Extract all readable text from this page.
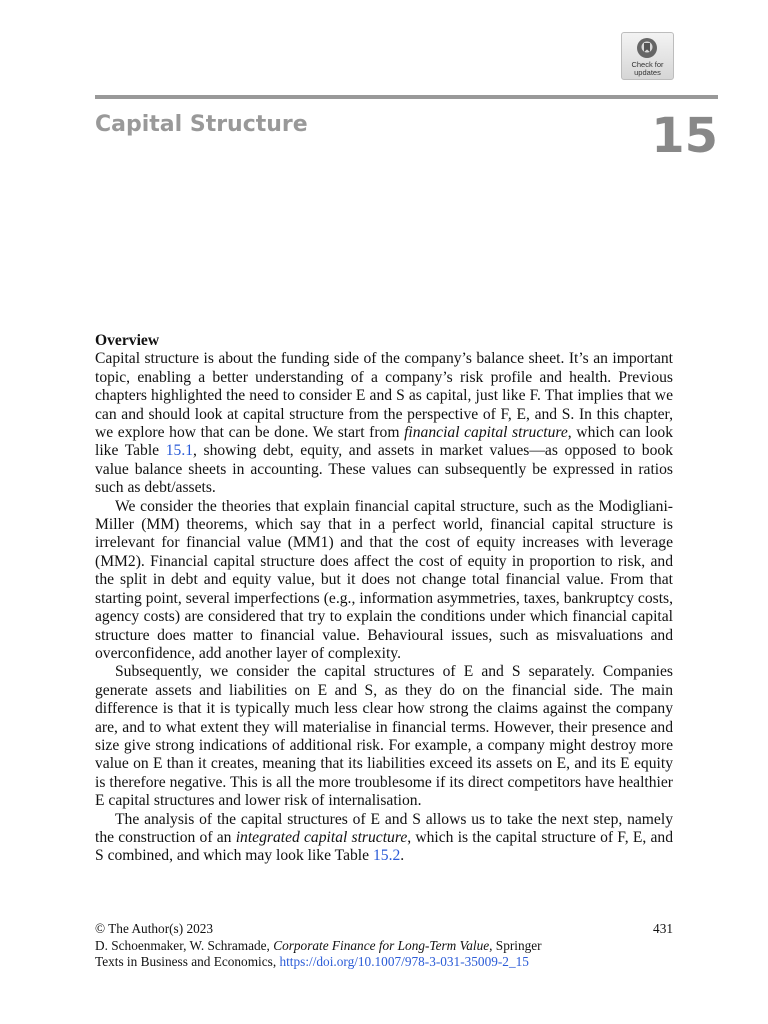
Check for
updates
Capital Structure	15
Overview

Capital structure is about the funding side of the company’s balance sheet. It’s an important topic, enabling a better understanding of a company’s risk profile and health. Previous chapters highlighted the need to consider E and S as capital, just like F. That implies that we can and should look at capital structure from the perspective of F, E, and S. In this chapter, we explore how that can be done. We start from financial capital structure, which can look like Table 15.1, showing debt, equity, and assets in market values—as opposed to book value balance sheets in accounting. These values can subsequently be expressed in ratios such as debt/assets.

We consider the theories that explain financial capital structure, such as the Modigliani-Miller (MM) theorems, which say that in a perfect world, financial capital structure is irrelevant for financial value (MM1) and that the cost of equity increases with leverage (MM2). Financial capital structure does affect the cost of equity in proportion to risk, and the split in debt and equity value, but it does not change total financial value. From that starting point, several imperfections (e.g., information asymmetries, taxes, bankruptcy costs, agency costs) are considered that try to explain the conditions under which financial capital structure does matter to financial value. Behavioural issues, such as misvaluations and overconfidence, add another layer of complexity.

Subsequently, we consider the capital structures of E and S separately. Companies generate assets and liabilities on E and S, as they do on the financial side. The main difference is that it is typically much less clear how strong the claims against the company are, and to what extent they will materialise in financial terms. However, their presence and size give strong indications of additional risk. For example, a company might destroy more value on E than it creates, meaning that its liabilities exceed its assets on E, and its E equity is therefore negative. This is all the more troublesome if its direct competitors have healthier E capital structures and lower risk of internalisation.

The analysis of the capital structures of E and S allows us to take the next step, namely the construction of an integrated capital structure, which is the capital structure of F, E, and S combined, and which may look like Table 15.2.

© The Author(s) 2023	431
D. Schoenmaker, W. Schramade, Corporate Finance for Long-Term Value, Springer
Texts in Business and Economics, https://doi.org/10.1007/978-3-031-35009-2_15
